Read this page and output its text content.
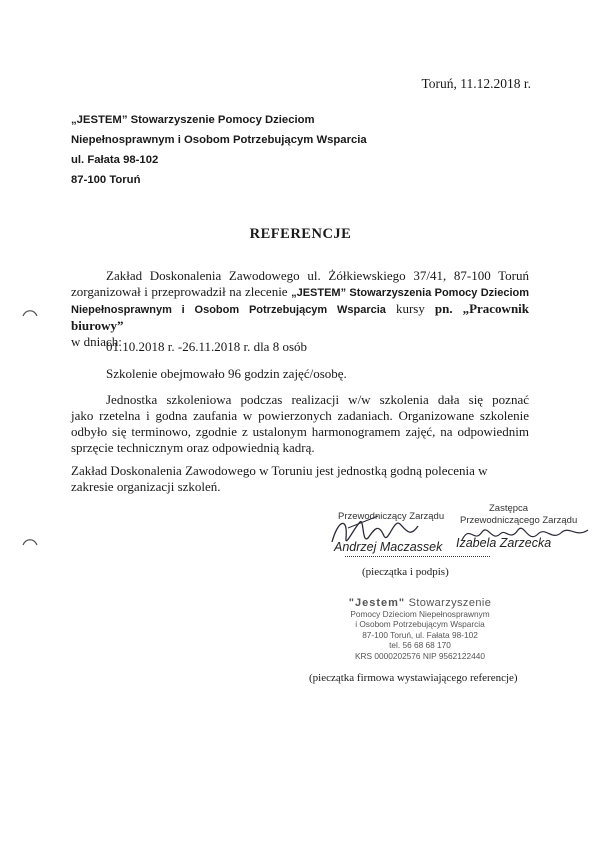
Toruń, 11.12.2018 r.
„JESTEM” Stowarzyszenie Pomocy Dzieciom
Niepełnosprawnym i Osobom Potrzebującym Wsparcia
ul. Fałata 98-102
87-100 Toruń
REFERENCJE
Zakład Doskonalenia Zawodowego ul. Żółkiewskiego 37/41, 87-100 Toruń zorganizował i przeprowadził na zlecenie „JESTEM” Stowarzyszenia Pomocy Dzieciom Niepełnosprawnym i Osobom Potrzebującym Wsparcia kursy pn. „Pracownik biurowy”
w dniach:
01.10.2018 r. -26.11.2018 r. dla 8 osób
Szkolenie obejmowało 96 godzin zajęć/osobę.
Jednostka szkoleniowa podczas realizacji w/w szkolenia dała się poznać
jako rzetelna i godna zaufania w powierzonych zadaniach. Organizowane szkolenie odbyło się terminowo, zgodnie z ustalonym harmonogramem zajęć, na odpowiednim sprzęcie technicznym oraz odpowiednią kadrą.
Zakład Doskonalenia Zawodowego w Toruniu jest jednostką godną polecenia w zakresie organizacji szkoleń.
Przewodniczący Zarządu
Andrzej Maczassek
Zastępca
Przewodniczącego Zarządu
Izabela Zarzecka
(pieczątka i podpis)
"Jestem" Stowarzyszenie
Pomocy Dzieciom Niepełnosprawnym
i Osobom Potrzebującym Wsparcia
87-100 Toruń, ul. Fałata 98-102
tel. 56 68 68 170
KRS 0000202576 NIP 9562122440
(pieczątka firmowa wystawiającego referencje)
